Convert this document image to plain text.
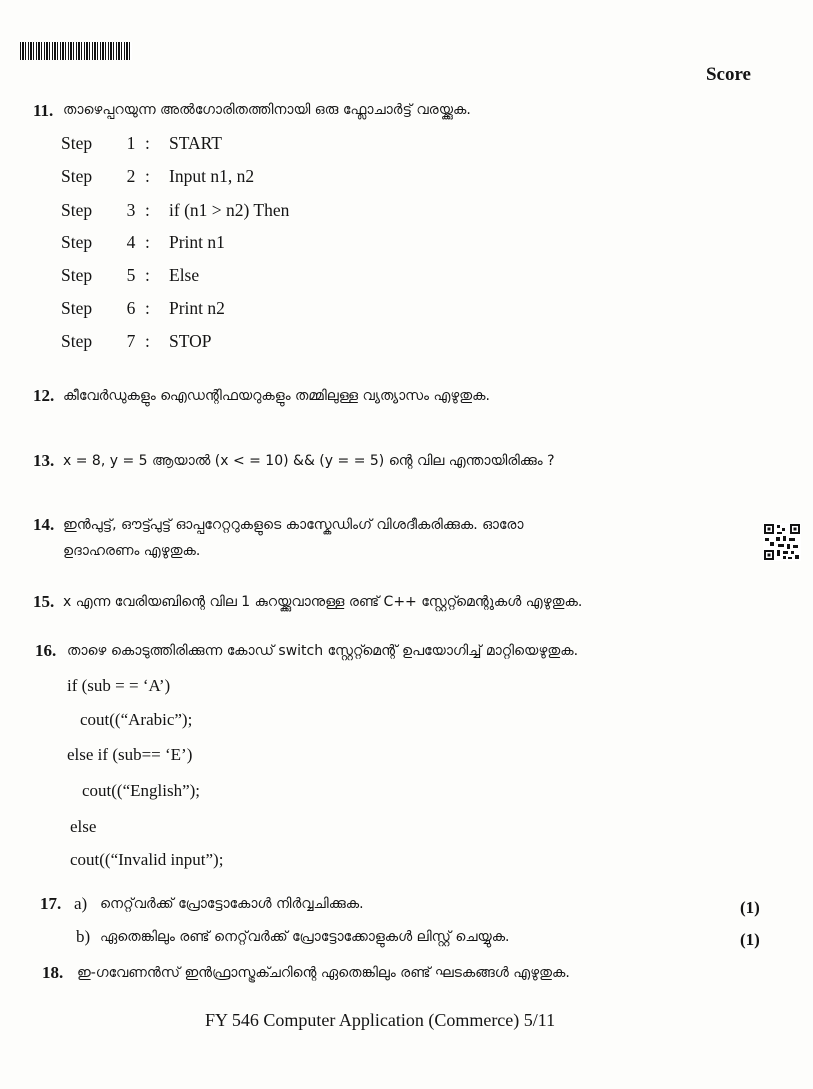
Score
11. താഴെപ്പറയുന്ന അൽഗോരിതത്തിനായി ഒരു ഫ്ലോചാർട്ട് വരയ്ക്കുക.
Step 1 : START
Step 2 : Input n1, n2
Step 3 : if (n1 > n2) Then
Step 4 : Print n1
Step 5 : Else
Step 6 : Print n2
Step 7 : STOP
12. കീവേർഡുകളും ഐഡന്റിഫയറുകളും തമ്മിലുള്ള വ്യത്യാസം എഴുതുക.
13. x = 8, y = 5 ആയാൽ (x < = 10) && (y = = 5) ന്റെ വില എന്തായിരിക്കും ?
14. ഇൻപുട്ട്, ഔട്ട്പുട്ട് ഓപ്പറേറ്ററുകളുടെ കാസ്കേഡിംഗ് വിശദീകരിക്കുക. ഓരോ
ഉദാഹരണം എഴുതുക.
15. x എന്ന വേരിയബിന്റെ വില 1 കുറയ്ക്കുവാനുള്ള രണ്ട് C++ സ്റ്റേറ്റ്മെന്റുകൾ എഴുതുക.
16. താഴെ കൊടുത്തിരിക്കുന്ന കോഡ് switch സ്റ്റേറ്റ്മെന്റ് ഉപയോഗിച്ച് മാറ്റിയെഴുതുക.
if (sub = = ‘A’)
cout((“Arabic”);
else if (sub== ‘E’)
cout((“English”);
else
cout((“Invalid input”);
17. a) നെറ്റ്‌വർക്ക് പ്രോട്ടോകോൾ നിർവ്വചിക്കുക.	(1)
b) ഏതെങ്കിലും രണ്ട് നെറ്റ്‌വർക്ക് പ്രോട്ടോക്കോളുകൾ ലിസ്റ്റ് ചെയ്യുക.	(1)
18. ഇ-ഗവേണൻസ് ഇൻഫ്രാസ്ട്രക്ചറിന്റെ ഏതെങ്കിലും രണ്ട് ഘടകങ്ങൾ എഴുതുക.
FY 546 Computer Application (Commerce) 5/11
